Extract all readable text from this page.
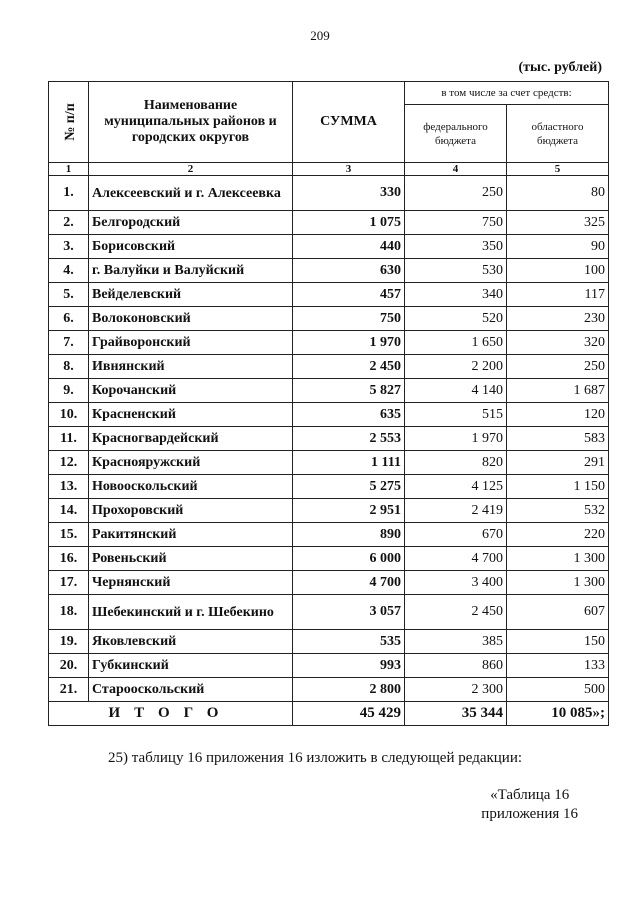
209
(тыс. рублей)
№ п/п	Наименование муниципальных районов и городских округов	СУММА	в том числе за счет средств:	
			федерального бюджета	областного бюджета
1	2	3	4	5
1.	Алексеевский и г. Алексеевка	330	250	80
2.	Белгородский	1 075	750	325
3.	Борисовский	440	350	90
4.	г. Валуйки и Валуйский	630	530	100
5.	Вейделевский	457	340	117
6.	Волоконовский	750	520	230
7.	Грайворонский	1 970	1 650	320
8.	Ивнянский	2 450	2 200	250
9.	Корочанский	5 827	4 140	1 687
10.	Красненский	635	515	120
11.	Красногвардейский	2 553	1 970	583
12.	Краснояружский	1 111	820	291
13.	Новооскольский	5 275	4 125	1 150
14.	Прохоровский	2 951	2 419	532
15.	Ракитянский	890	670	220
16.	Ровеньский	6 000	4 700	1 300
17.	Чернянский	4 700	3 400	1 300
18.	Шебекинский и г. Шебекино	3 057	2 450	607
19.	Яковлевский	535	385	150
20.	Губкинский	993	860	133
21.	Старооскольский	2 800	2 300	500
ИТОГО		45 429	35 344	10 085»;
25) таблицу 16 приложения 16 изложить в следующей редакции:
«Таблица 16
приложения 16
